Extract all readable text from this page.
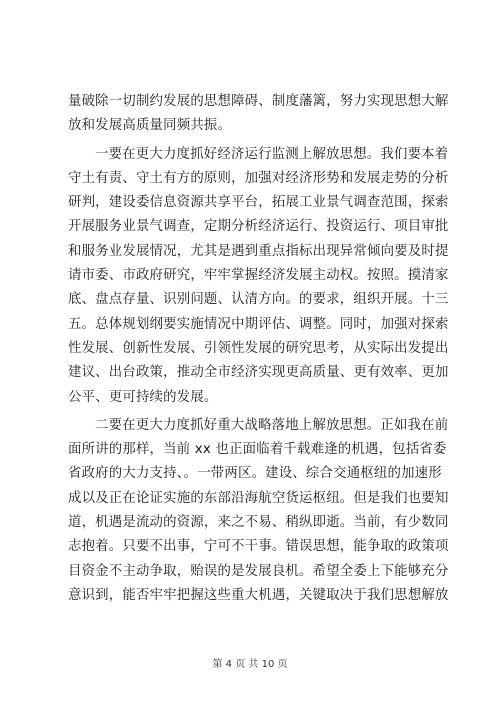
量破除一切制约发展的思想障碍、制度藩篱，努力实现思想大解
放和发展高质量同频共振。
一要在更大力度抓好经济运行监测上解放思想。我们要本着
守土有责、守土有方的原则，加强对经济形势和发展走势的分析
研判，建设委信息资源共享平台，拓展工业景气调查范围，探索
开展服务业景气调查，定期分析经济运行、投资运行、项目审批
和服务业发展情况，尤其是遇到重点指标出现异常倾向要及时提
请市委、市政府研究，牢牢掌握经济发展主动权。按照。摸清家
底、盘点存量、识别问题、认清方向。的要求，组织开展。十三
五。总体规划纲要实施情况中期评估、调整。同时，加强对探索
性发展、创新性发展、引领性发展的研究思考，从实际出发提出
建议、出台政策，推动全市经济实现更高质量、更有效率、更加
公平、更可持续的发展。
二要在更大力度抓好重大战略落地上解放思想。正如我在前
面所讲的那样，当前 xx 也正面临着千载难逢的机遇，包括省委
省政府的大力支持、。一带两区。建设、综合交通枢纽的加速形
成以及正在论证实施的东部沿海航空货运枢纽。但是我们也要知
道，机遇是流动的资源，来之不易、稍纵即逝。当前，有少数同
志抱着。只要不出事，宁可不干事。错误思想，能争取的政策项
目资金不主动争取，贻误的是发展良机。希望全委上下能够充分
意识到，能否牢牢把握这些重大机遇，关键取决于我们思想解放
第 4 页 共 10 页
